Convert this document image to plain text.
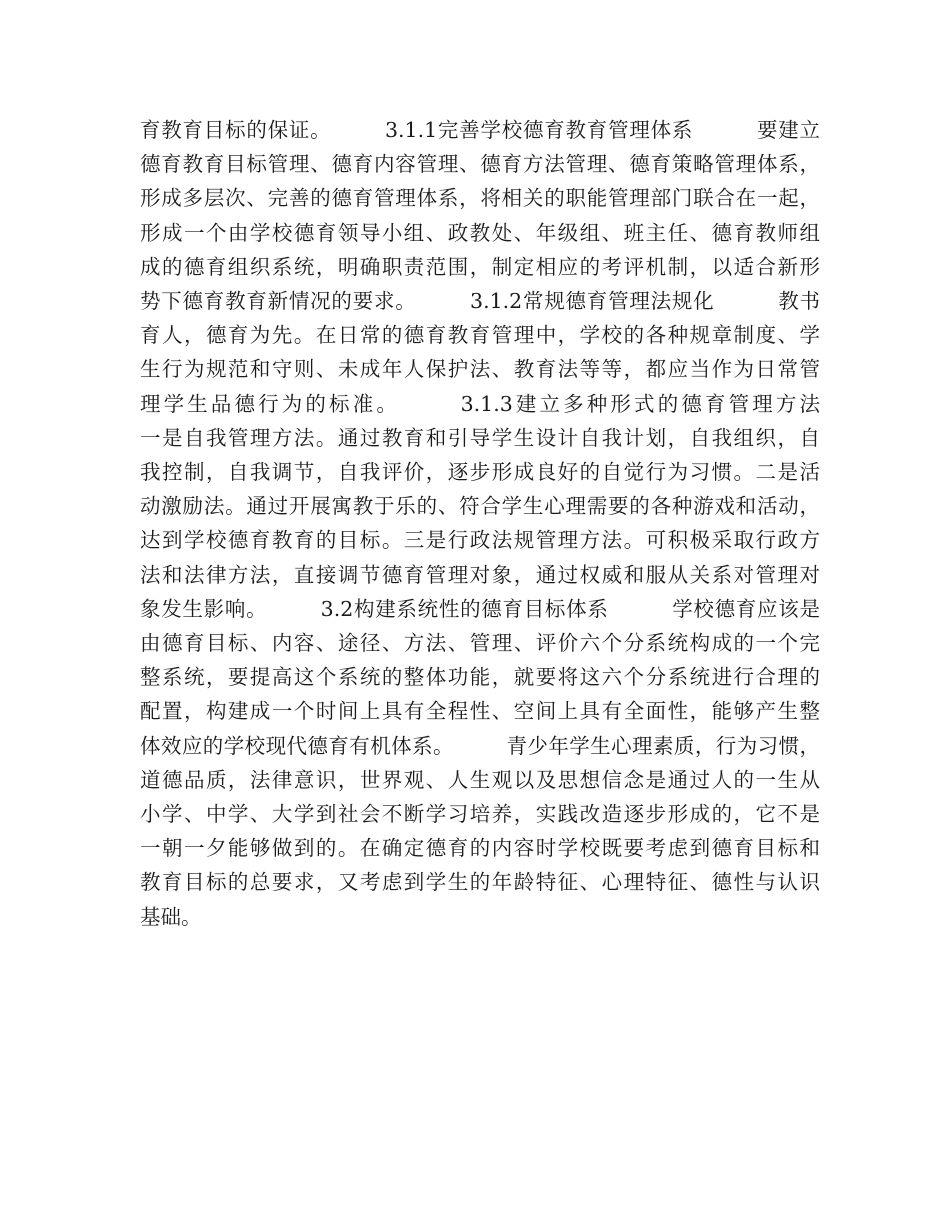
育教育目标的保证。　　　3.1.1完善学校德育教育管理体系　　　要建立
德育教育目标管理、德育内容管理、德育方法管理、德育策略管理体系，
形成多层次、完善的德育管理体系，将相关的职能管理部门联合在一起，
形成一个由学校德育领导小组、政教处、年级组、班主任、德育教师组
成的德育组织系统，明确职责范围，制定相应的考评机制，以适合新形
势下德育教育新情况的要求。　　　3.1.2常规德育管理法规化　　　教书
育人，德育为先。在日常的德育教育管理中，学校的各种规章制度、学
生行为规范和守则、未成年人保护法、教育法等等，都应当作为日常管
理学生品德行为的标准。　　　3.1.3建立多种形式的德育管理方法
一是自我管理方法。通过教育和引导学生设计自我计划，自我组织，自
我控制，自我调节，自我评价，逐步形成良好的自觉行为习惯。二是活
动激励法。通过开展寓教于乐的、符合学生心理需要的各种游戏和活动，
达到学校德育教育的目标。三是行政法规管理方法。可积极采取行政方
法和法律方法，直接调节德育管理对象，通过权威和服从关系对管理对
象发生影响。　　　3.2构建系统性的德育目标体系　　　学校德育应该是
由德育目标、内容、途径、方法、管理、评价六个分系统构成的一个完
整系统，要提高这个系统的整体功能，就要将这六个分系统进行合理的
配置，构建成一个时间上具有全程性、空间上具有全面性，能够产生整
体效应的学校现代德育有机体系。　　　青少年学生心理素质，行为习惯，
道德品质，法律意识，世界观、人生观以及思想信念是通过人的一生从
小学、中学、大学到社会不断学习培养，实践改造逐步形成的，它不是
一朝一夕能够做到的。在确定德育的内容时学校既要考虑到德育目标和
教育目标的总要求，又考虑到学生的年龄特征、心理特征、德性与认识
基础。
